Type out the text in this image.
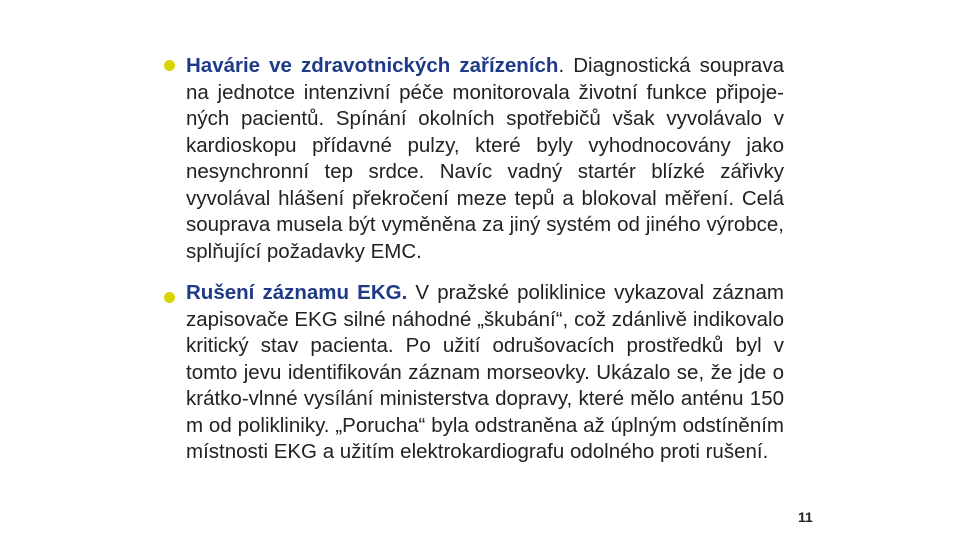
Havárie ve zdravotnických zařízeních. Diagnostická souprava na jednotce intenzivní péče monitorovala životní funkce připoje-ných pacientů. Spínání okolních spotřebičů však vyvolávalo v kardioskopu přídavné pulzy, které byly vyhodnocovány jako nesynchronní tep srdce. Navíc vadný startér blízké zářivky vyvolával hlášení překročení meze tepů a blokoval měření. Celá souprava musela být vyměněna za jiný systém od jiného výrobce, splňující požadavky EMC.

Rušení záznamu EKG. V pražské poliklinice vykazoval záznam zapisovače EKG silné náhodné „škubání“, což zdánlivě indikovalo kritický stav pacienta. Po užití odrušovacích prostředků byl v tomto jevu identifikován záznam morseovky. Ukázalo se, že jde o krátko-vlnné vysílání ministerstva dopravy, které mělo anténu 150 m od polikliniky. „Porucha“ byla odstraněna až úplným odstíněním místnosti EKG a užitím elektrokardiografu odolného proti rušení.

11
